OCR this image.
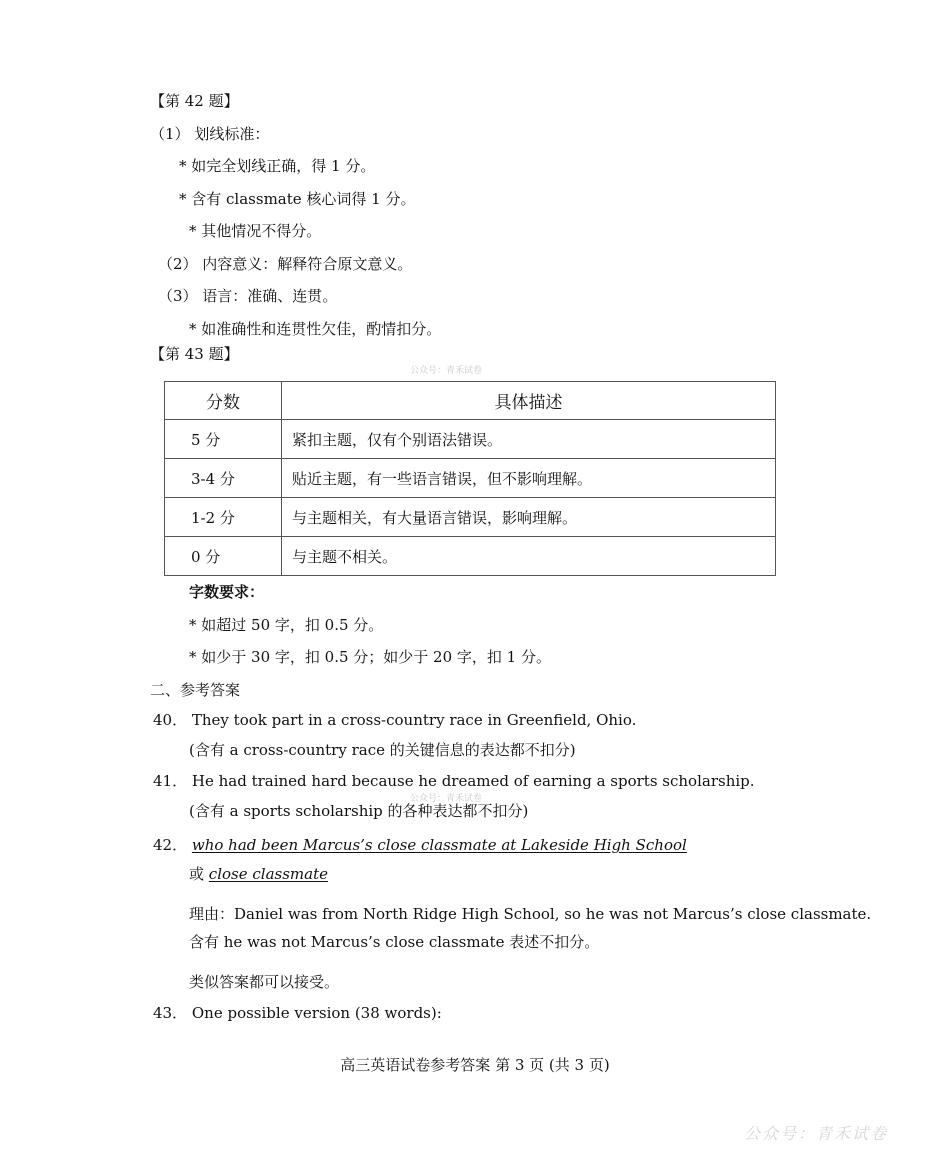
【第 42 题】
（1） 划线标准：
* 如完全划线正确，得 1 分。
* 含有 classmate 核心词得 1 分。
* 其他情况不得分。
（2） 内容意义：解释符合原文意义。
（3） 语言：准确、连贯。
* 如准确性和连贯性欠佳，酌情扣分。
【第 43 题】
公众号：青禾试卷
分数	具体描述
5 分	紧扣主题，仅有个别语法错误。
3-4 分	贴近主题，有一些语言错误，但不影响理解。
1-2 分	与主题相关，有大量语言错误，影响理解。
0 分	与主题不相关。
字数要求：
* 如超过 50 字，扣 0.5 分。
* 如少于 30 字，扣 0.5 分；如少于 20 字，扣 1 分。
二、参考答案
40． They took part in a cross-country race in Greenfield, Ohio.
(含有 a cross-country race 的关键信息的表达都不扣分)
41． He had trained hard because he dreamed of earning a sports scholarship.
公众号：青禾试卷
(含有 a sports scholarship 的各种表达都不扣分)
42． who had been Marcus’s close classmate at Lakeside High School
或 close classmate
理由：Daniel was from North Ridge High School, so he was not Marcus’s close classmate.
含有 he was not Marcus’s close classmate 表述不扣分。
类似答案都可以接受。
43． One possible version (38 words):
高三英语试卷参考答案 第 3 页 (共 3 页)
公众号：青禾试卷
